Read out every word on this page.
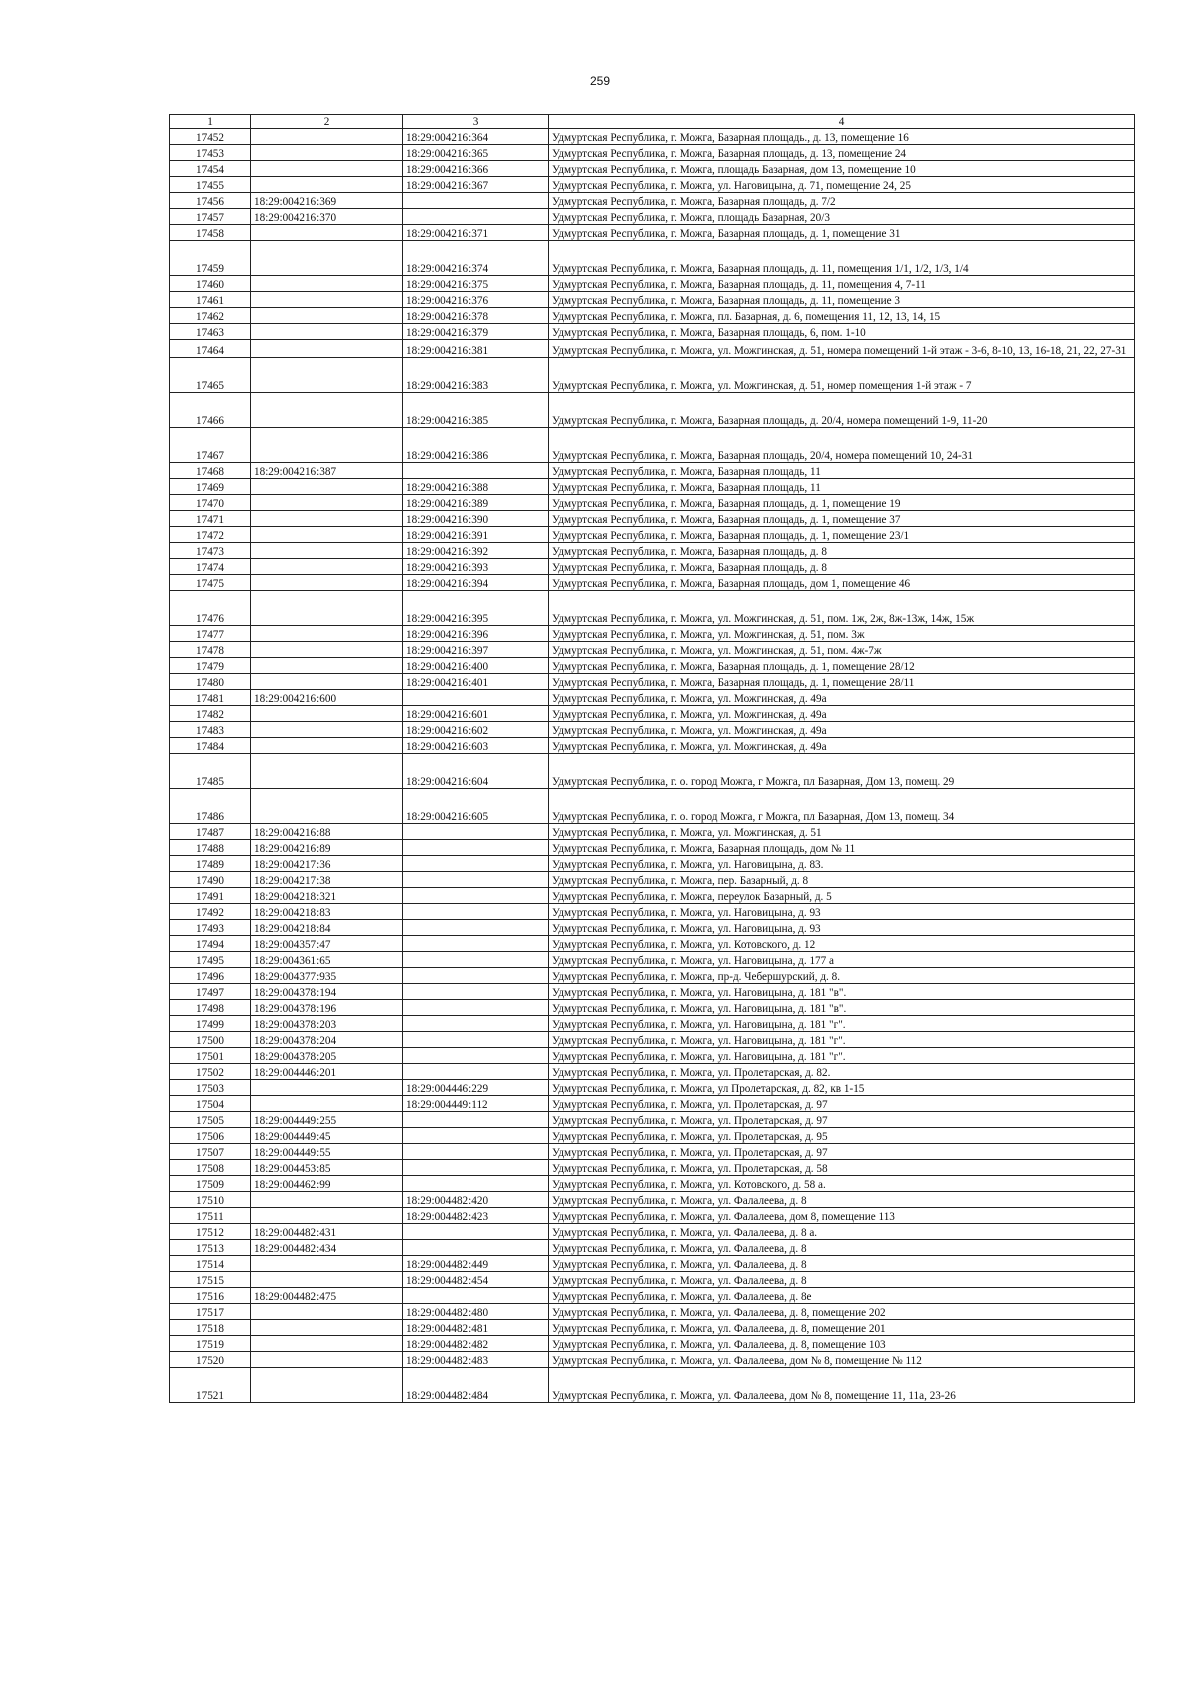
259
1	2	3	4
17452		18:29:004216:364	Удмуртская Республика, г. Можга, Базарная площадь., д. 13, помещение 16
17453		18:29:004216:365	Удмуртская Республика, г. Можга, Базарная площадь, д. 13, помещение 24
17454		18:29:004216:366	Удмуртская Республика, г. Можга, площадь Базарная, дом 13, помещение 10
17455		18:29:004216:367	Удмуртская Республика, г. Можга, ул. Наговицына, д. 71, помещение 24, 25
17456	18:29:004216:369		Удмуртская Республика, г. Можга, Базарная площадь, д. 7/2
17457	18:29:004216:370		Удмуртская Республика, г. Можга, площадь Базарная, 20/3
17458		18:29:004216:371	Удмуртская Республика, г. Можга, Базарная площадь, д. 1, помещение 31
17459		18:29:004216:374	Удмуртская Республика, г. Можга, Базарная площадь, д. 11, помещения 1/1, 1/2, 1/3, 1/4
17460		18:29:004216:375	Удмуртская Республика, г. Можга, Базарная площадь, д. 11, помещения 4, 7-11
17461		18:29:004216:376	Удмуртская Республика, г. Можга, Базарная площадь, д. 11, помещение 3
17462		18:29:004216:378	Удмуртская Республика, г. Можга, пл. Базарная, д. 6, помещения 11, 12, 13, 14, 15
17463		18:29:004216:379	Удмуртская Республика, г. Можга, Базарная площадь, 6, пом. 1-10
17464		18:29:004216:381	Удмуртская Республика, г. Можга, ул. Можгинская, д. 51, номера помещений 1-й этаж - 3-6, 8-10, 13, 16-18, 21, 22, 27-31
17465		18:29:004216:383	Удмуртская Республика, г. Можга, ул. Можгинская, д. 51, номер помещения 1-й этаж - 7
17466		18:29:004216:385	Удмуртская Республика, г. Можга, Базарная площадь, д. 20/4, номера помещений 1-9, 11-20
17467		18:29:004216:386	Удмуртская Республика, г. Можга, Базарная площадь, 20/4, номера помещений 10, 24-31
17468	18:29:004216:387		Удмуртская Республика, г. Можга, Базарная площадь, 11
17469		18:29:004216:388	Удмуртская Республика, г. Можга, Базарная площадь, 11
17470		18:29:004216:389	Удмуртская Республика, г. Можга, Базарная площадь, д. 1, помещение 19
17471		18:29:004216:390	Удмуртская Республика, г. Можга, Базарная площадь, д. 1, помещение 37
17472		18:29:004216:391	Удмуртская Республика, г. Можга, Базарная площадь, д. 1, помещение 23/1
17473		18:29:004216:392	Удмуртская Республика, г. Можга, Базарная площадь, д. 8
17474		18:29:004216:393	Удмуртская Республика, г. Можга, Базарная площадь, д. 8
17475		18:29:004216:394	Удмуртская Республика, г. Можга, Базарная площадь, дом 1, помещение 46
17476		18:29:004216:395	Удмуртская Республика, г. Можга, ул. Можгинская, д. 51, пом. 1ж, 2ж, 8ж-13ж, 14ж, 15ж
17477		18:29:004216:396	Удмуртская Республика, г. Можга, ул. Можгинская, д. 51, пом. 3ж
17478		18:29:004216:397	Удмуртская Республика, г. Можга, ул. Можгинская, д. 51, пом. 4ж-7ж
17479		18:29:004216:400	Удмуртская Республика, г. Можга, Базарная площадь, д. 1, помещение 28/12
17480		18:29:004216:401	Удмуртская Республика, г. Можга, Базарная площадь, д. 1, помещение 28/11
17481	18:29:004216:600		Удмуртская Республика, г. Можга, ул. Можгинская, д. 49а
17482		18:29:004216:601	Удмуртская Республика, г. Можга, ул. Можгинская, д. 49а
17483		18:29:004216:602	Удмуртская Республика, г. Можга, ул. Можгинская, д. 49а
17484		18:29:004216:603	Удмуртская Республика, г. Можга, ул. Можгинская, д. 49а
17485		18:29:004216:604	Удмуртская Республика, г. о. город Можга, г Можга, пл Базарная, Дом 13, помещ. 29
17486		18:29:004216:605	Удмуртская Республика, г. о. город Можга, г Можга, пл Базарная, Дом 13, помещ. 34
17487	18:29:004216:88		Удмуртская Республика, г. Можга, ул. Можгинская, д. 51
17488	18:29:004216:89		Удмуртская Республика, г. Можга, Базарная площадь, дом № 11
17489	18:29:004217:36		Удмуртская Республика, г. Можга, ул. Наговицына, д. 83.
17490	18:29:004217:38		Удмуртская Республика, г. Можга, пер. Базарный, д. 8
17491	18:29:004218:321		Удмуртская Республика, г. Можга, переулок Базарный, д. 5
17492	18:29:004218:83		Удмуртская Республика, г. Можга, ул. Наговицына, д. 93
17493	18:29:004218:84		Удмуртская Республика, г. Можга, ул. Наговицына, д. 93
17494	18:29:004357:47		Удмуртская Республика, г. Можга, ул. Котовского, д. 12
17495	18:29:004361:65		Удмуртская Республика, г. Можга, ул. Наговицына, д. 177 а
17496	18:29:004377:935		Удмуртская Республика, г. Можга, пр-д. Чебершурский, д. 8.
17497	18:29:004378:194		Удмуртская Республика, г. Можга, ул. Наговицына, д. 181 "в".
17498	18:29:004378:196		Удмуртская Республика, г. Можга, ул. Наговицына, д. 181 "в".
17499	18:29:004378:203		Удмуртская Республика, г. Можга, ул. Наговицына, д. 181 "г".
17500	18:29:004378:204		Удмуртская Республика, г. Можга, ул. Наговицына, д. 181 "г".
17501	18:29:004378:205		Удмуртская Республика, г. Можга, ул. Наговицына, д. 181 "г".
17502	18:29:004446:201		Удмуртская Республика, г. Можга, ул. Пролетарская, д. 82.
17503		18:29:004446:229	Удмуртская Республика, г. Можга, ул Пролетарская, д. 82, кв 1-15
17504		18:29:004449:112	Удмуртская Республика, г. Можга, ул. Пролетарская, д. 97
17505	18:29:004449:255		Удмуртская Республика, г. Можга, ул. Пролетарская, д. 97
17506	18:29:004449:45		Удмуртская Республика, г. Можга, ул. Пролетарская, д. 95
17507	18:29:004449:55		Удмуртская Республика, г. Можга, ул. Пролетарская, д. 97
17508	18:29:004453:85		Удмуртская Республика, г. Можга, ул. Пролетарская, д. 58
17509	18:29:004462:99		Удмуртская Республика, г. Можга, ул. Котовского, д. 58 а.
17510		18:29:004482:420	Удмуртская Республика, г. Можга, ул. Фалалеева, д. 8
17511		18:29:004482:423	Удмуртская Республика, г. Можга, ул. Фалалеева, дом 8, помещение 113
17512	18:29:004482:431		Удмуртская Республика, г. Можга, ул. Фалалеева, д. 8 а.
17513	18:29:004482:434		Удмуртская Республика, г. Можга, ул. Фалалеева, д. 8
17514		18:29:004482:449	Удмуртская Республика, г. Можга, ул. Фалалеева, д. 8
17515		18:29:004482:454	Удмуртская Республика, г. Можга, ул. Фалалеева, д. 8
17516	18:29:004482:475		Удмуртская Республика, г. Можга, ул. Фалалеева, д. 8е
17517		18:29:004482:480	Удмуртская Республика, г. Можга, ул. Фалалеева, д. 8, помещение 202
17518		18:29:004482:481	Удмуртская Республика, г. Можга, ул. Фалалеева, д. 8, помещение 201
17519		18:29:004482:482	Удмуртская Республика, г. Можга, ул. Фалалеева, д. 8, помещение 103
17520		18:29:004482:483	Удмуртская Республика, г. Можга, ул. Фалалеева, дом № 8, помещение № 112
17521		18:29:004482:484	Удмуртская Республика, г. Можга, ул. Фалалеева, дом № 8, помещение 11, 11а, 23-26
